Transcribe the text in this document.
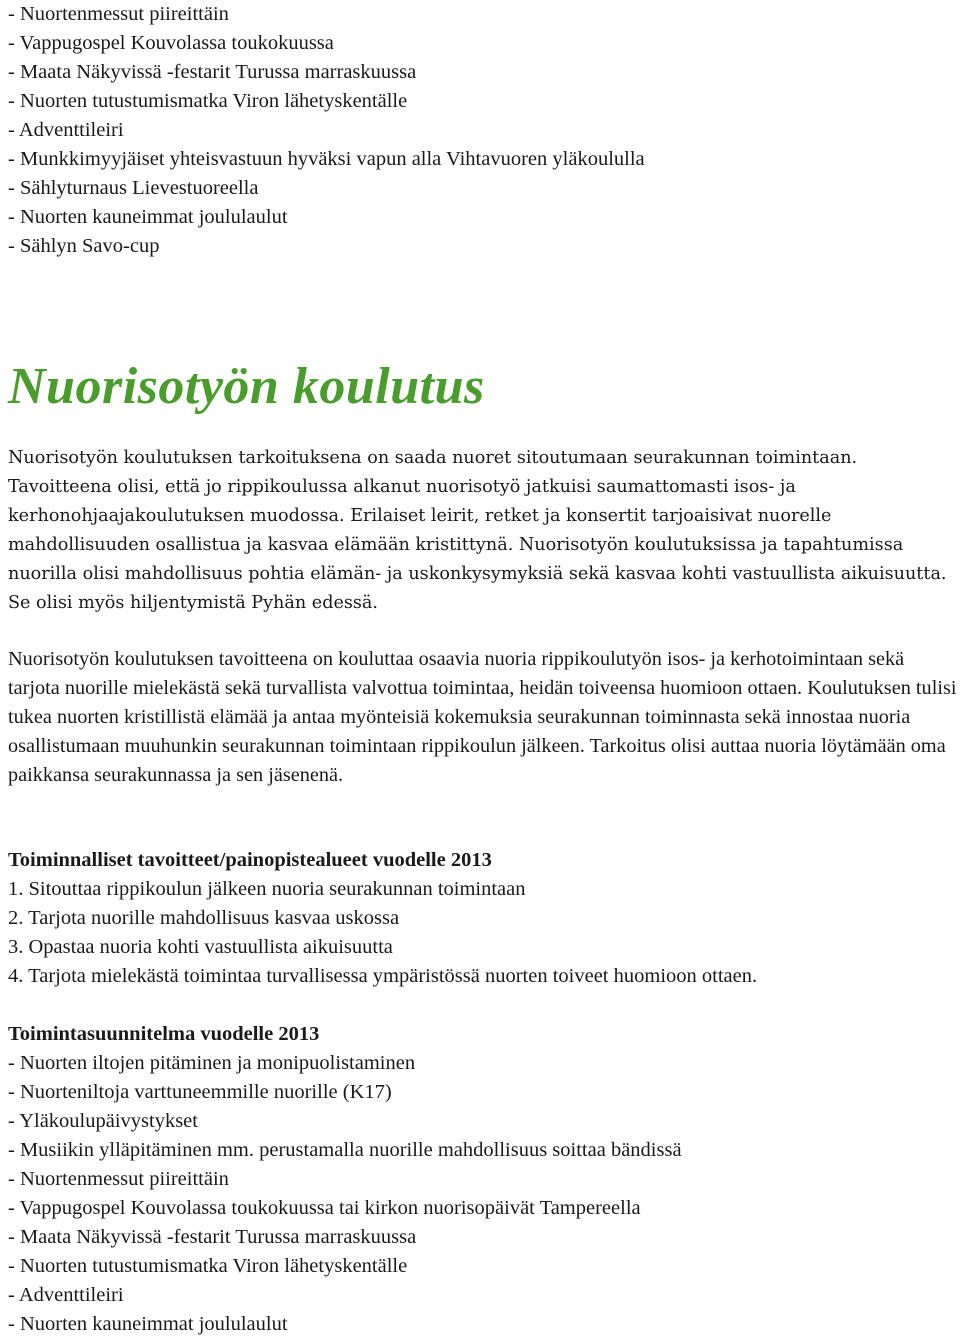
- Nuortenmessut piireittäin
- Vappugospel Kouvolassa toukokuussa
- Maata Näkyvissä -festarit Turussa marraskuussa
- Nuorten tutustumismatka Viron lähetyskentälle
- Adventtileiri
- Munkkimyyjäiset yhteisvastuun hyväksi vapun alla Vihtavuoren yläkoululla
- Sählyturnaus Lievestuoreella
- Nuorten kauneimmat joululaulut
- Sählyn Savo-cup
Nuorisotyön koulutus

Nuorisotyön koulutuksen tarkoituksena on saada nuoret sitoutumaan seurakunnan toimintaan. Tavoitteena olisi, että jo rippikoulussa alkanut nuorisotyö jatkuisi saumattomasti isos- ja kerhonohjaajakoulutuksen muodossa. Erilaiset leirit, retket ja konsertit tarjoaisivat nuorelle mahdollisuuden osallistua ja kasvaa elämään kristittynä. Nuorisotyön koulutuksissa ja tapahtumissa nuorilla olisi mahdollisuus pohtia elämän- ja uskonkysymyksiä sekä kasvaa kohti vastuullista aikuisuutta. Se olisi myös hiljentymistä Pyhän edessä.

Nuorisotyön koulutuksen tavoitteena on kouluttaa osaavia nuoria rippikoulutyön isos- ja kerhotoimintaan sekä tarjota nuorille mielekästä sekä turvallista valvottua toimintaa, heidän toiveensa huomioon ottaen. Koulutuksen tulisi tukea nuorten kristillistä elämää ja antaa myönteisiä kokemuksia seurakunnan toiminnasta sekä innostaa nuoria osallistumaan muuhunkin seurakunnan toimintaan rippikoulun jälkeen. Tarkoitus olisi auttaa nuoria löytämään oma paikkansa seurakunnassa ja sen jäsenenä.

Toiminnalliset tavoitteet/painopistealueet vuodelle 2013
1. Sitouttaa rippikoulun jälkeen nuoria seurakunnan toimintaan
2. Tarjota nuorille mahdollisuus kasvaa uskossa
3. Opastaa nuoria kohti vastuullista aikuisuutta
4. Tarjota mielekästä toimintaa turvallisessa ympäristössä nuorten toiveet huomioon ottaen.
Toimintasuunnitelma vuodelle 2013
- Nuorten iltojen pitäminen ja monipuolistaminen
- Nuorteniltoja varttuneemmille nuorille (K17)
- Yläkoulupäivystykset
- Musiikin ylläpitäminen mm. perustamalla nuorille mahdollisuus soittaa bändissä
- Nuortenmessut piireittäin
- Vappugospel Kouvolassa toukokuussa tai kirkon nuorisopäivät Tampereella
- Maata Näkyvissä -festarit Turussa marraskuussa
- Nuorten tutustumismatka Viron lähetyskentälle
- Adventtileiri
- Nuorten kauneimmat joululaulut
